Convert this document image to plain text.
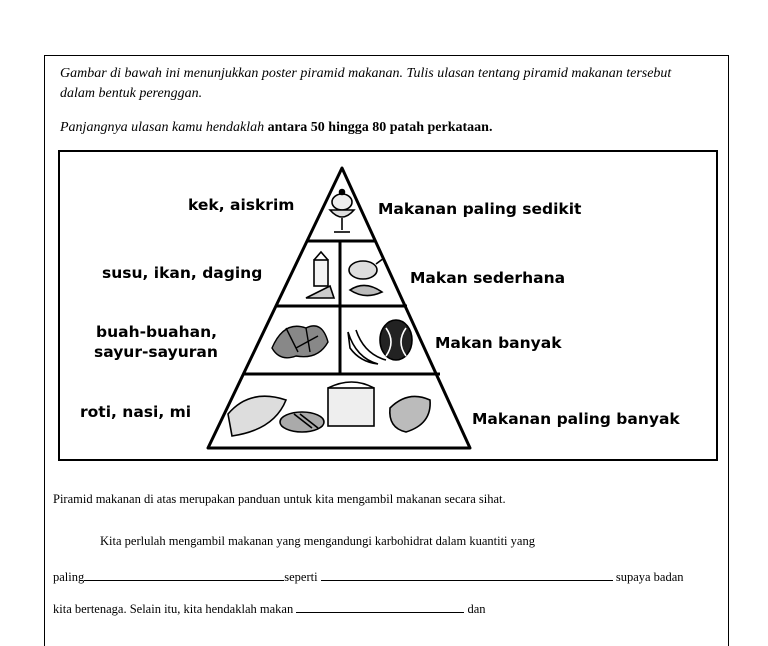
Gambar di bawah ini menunjukkan poster piramid makanan. Tulis ulasan tentang piramid makanan tersebut dalam bentuk perenggan.
Panjangnya ulasan kamu hendaklah antara 50 hingga 80 patah perkataan.
kek, aiskrim	Makanan paling sedikit
susu, ikan, daging	Makan sederhana
buah-buahan,
sayur-sayuran	Makan banyak
roti, nasi, mi	Makanan paling banyak
Piramid makanan di atas merupakan panduan untuk kita mengambil makanan secara sihat.
Kita perlulah mengambil makanan yang mengandungi karbohidrat dalam kuantiti yang
paling	seperti	supaya badan
kita bertenaga. Selain itu, kita hendaklah makan	dan
